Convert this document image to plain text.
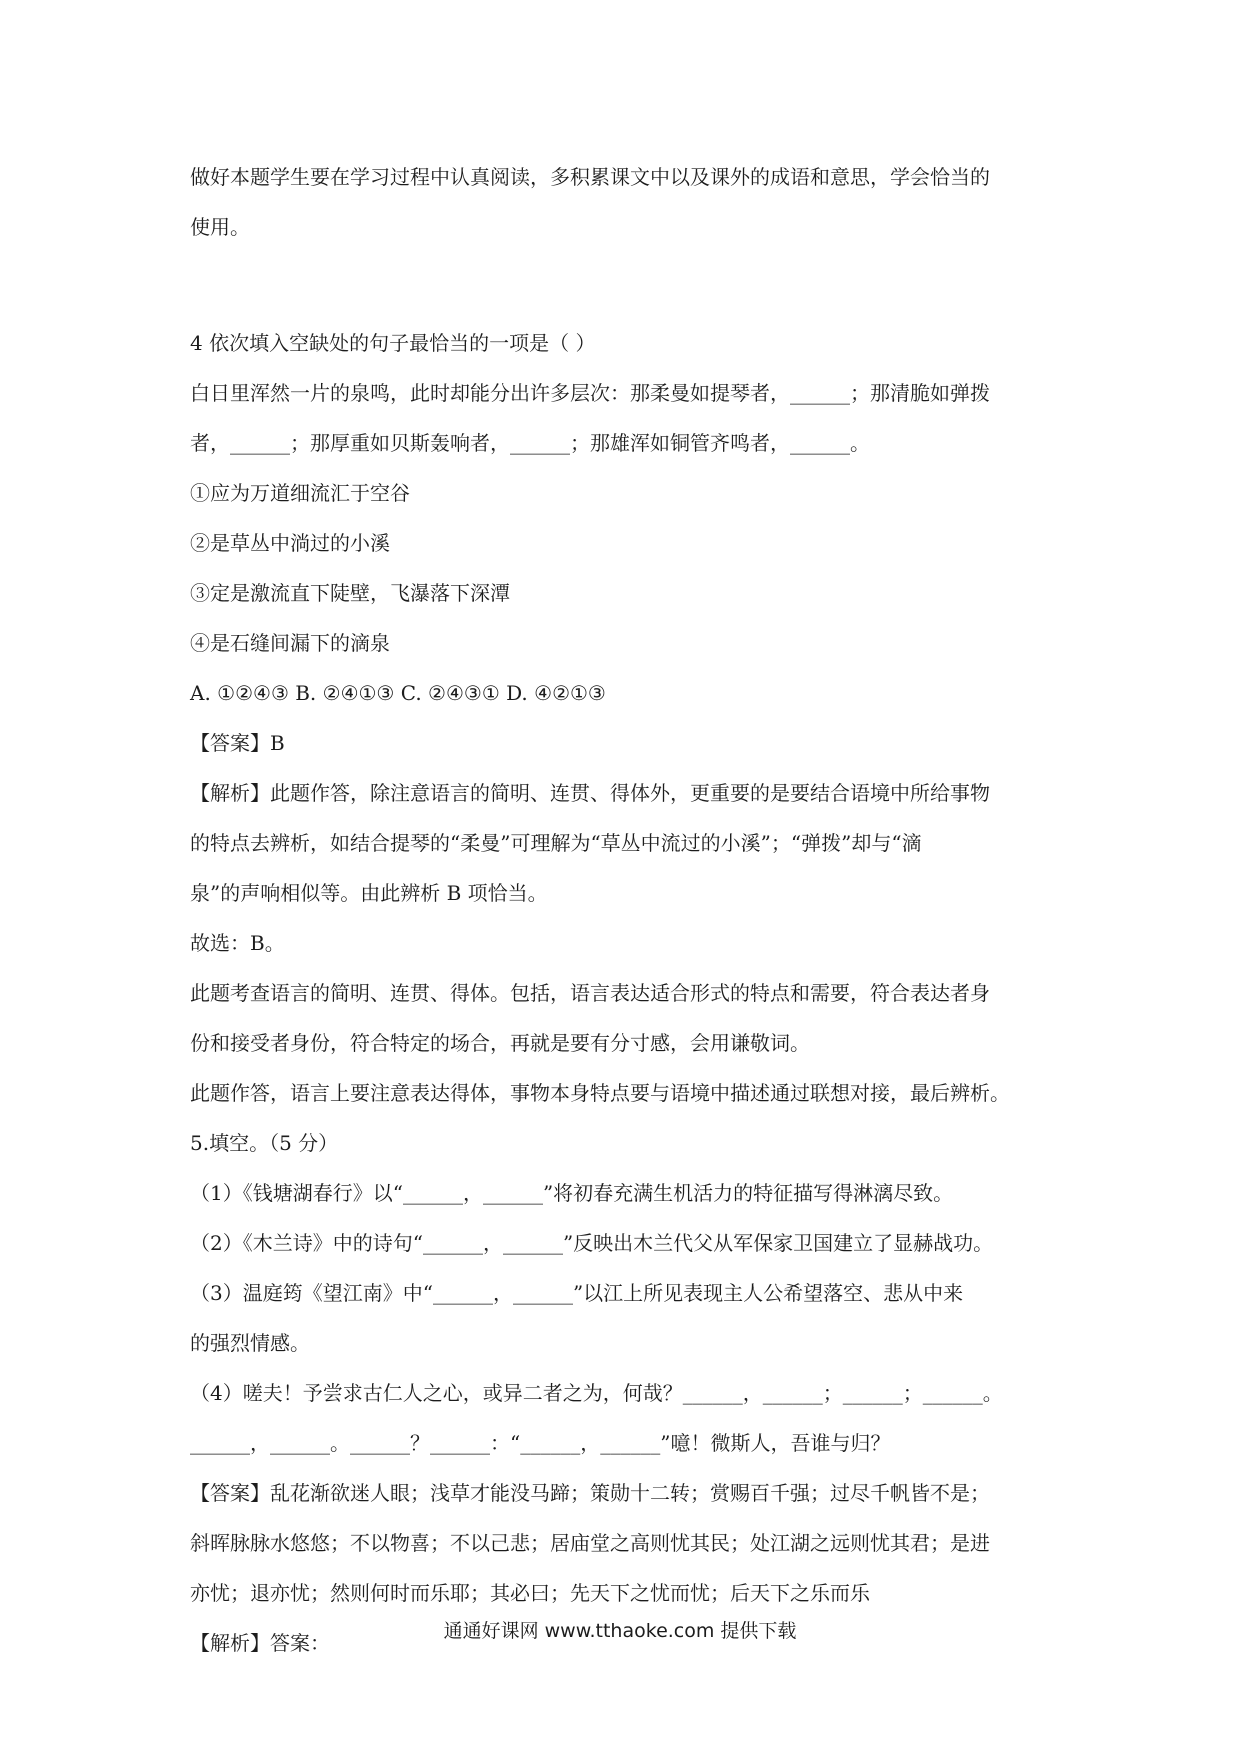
做好本题学生要在学习过程中认真阅读，多积累课文中以及课外的成语和意思，学会恰当的
使用。
4 依次填入空缺处的句子最恰当的一项是（ ）
白日里浑然一片的泉鸣，此时却能分出许多层次：那柔曼如提琴者，______；那清脆如弹拨
者，______；那厚重如贝斯轰响者，______；那雄浑如铜管齐鸣者，______。
①应为万道细流汇于空谷
②是草丛中淌过的小溪
③定是激流直下陡壁，飞瀑落下深潭
④是石缝间漏下的滴泉
A. ①②④③ B. ②④①③ C. ②④③① D. ④②①③
【答案】B
【解析】此题作答，除注意语言的简明、连贯、得体外，更重要的是要结合语境中所给事物
的特点去辨析，如结合提琴的“柔曼”可理解为“草丛中流过的小溪”；“弹拨”却与“滴
泉”的声响相似等。由此辨析 B 项恰当。
故选：B。
此题考查语言的简明、连贯、得体。包括，语言表达适合形式的特点和需要，符合表达者身
份和接受者身份，符合特定的场合，再就是要有分寸感，会用谦敬词。
此题作答，语言上要注意表达得体，事物本身特点要与语境中描述通过联想对接，最后辨析。
5.填空。（5 分）
（1）《钱塘湖春行》以“______，______”将初春充满生机活力的特征描写得淋漓尽致。
（2）《木兰诗》中的诗句“______，______”反映出木兰代父从军保家卫国建立了显赫战功。
（3）温庭筠《望江南》中“______，______”以江上所见表现主人公希望落空、悲从中来
的强烈情感。
（4）嗟夫！予尝求古仁人之心，或异二者之为，何哉？______，______；______；______。
______，______。______？______：“______，______”噫！微斯人，吾谁与归？
【答案】乱花渐欲迷人眼；浅草才能没马蹄；策勋十二转；赏赐百千强；过尽千帆皆不是；
斜晖脉脉水悠悠；不以物喜；不以己悲；居庙堂之高则忧其民；处江湖之远则忧其君；是进
亦忧；退亦忧；然则何时而乐耶；其必曰；先天下之忧而忧；后天下之乐而乐
【解析】答案：	通通好课网 www.tthaoke.com 提供下载
